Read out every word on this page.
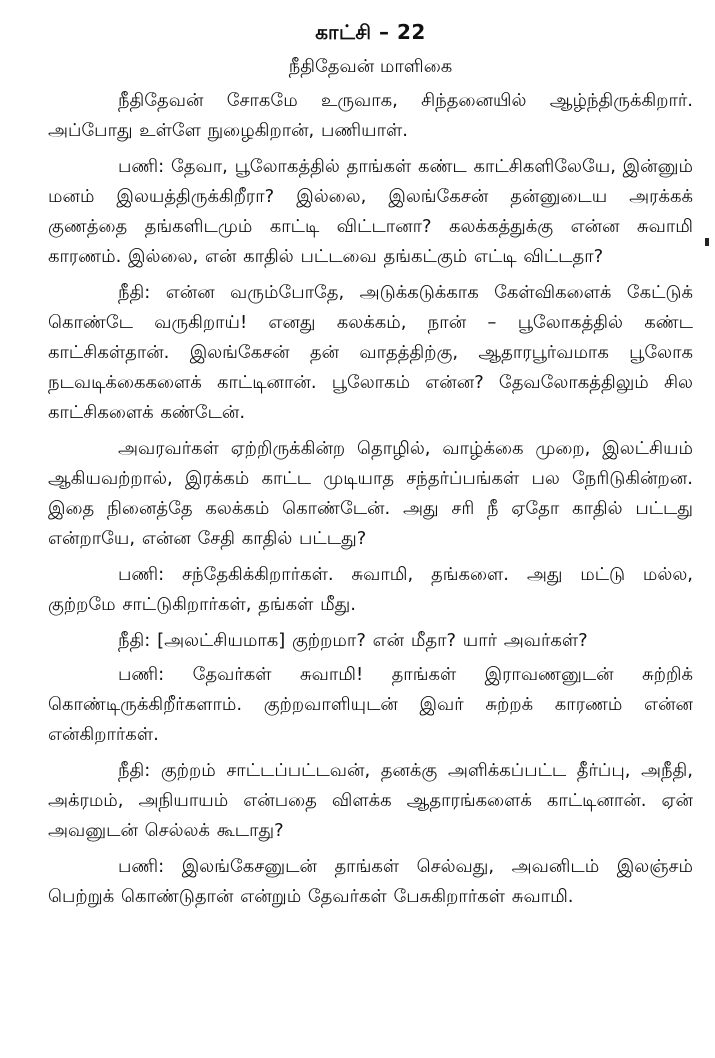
காட்சி – 22
நீதிதேவன் மாளிகை

நீதிதேவன் சோகமே உருவாக, சிந்தனையில் ஆழ்ந்திருக்கிறார். அப்போது உள்ளே நுழைகிறான், பணியாள்.

பணி: தேவா, பூலோகத்தில் தாங்கள் கண்ட காட்சிகளிலேயே, இன்னும் மனம் இலயத்திருக்கிறீரா? இல்லை, இலங்கேசன் தன்னுடைய அரக்கக் குணத்தை தங்களிடமும் காட்டி விட்டானா? கலக்கத்துக்கு என்ன சுவாமி காரணம். இல்லை, என் காதில் பட்டவை தங்கட்கும் எட்டி விட்டதா?

நீதி: என்ன வரும்போதே, அடுக்கடுக்காக கேள்விகளைக் கேட்டுக் கொண்டே வருகிறாய்! எனது கலக்கம், நான் – பூலோகத்தில் கண்ட காட்சிகள்தான். இலங்கேசன் தன் வாதத்திற்கு, ஆதாரபூர்வமாக பூலோக நடவடிக்கைகளைக் காட்டினான். பூலோகம் என்ன? தேவலோகத்திலும் சில காட்சிகளைக் கண்டேன்.

அவரவர்கள் ஏற்றிருக்கின்ற தொழில், வாழ்க்கை முறை, இலட்சியம் ஆகியவற்றால், இரக்கம் காட்ட முடியாத சந்தர்ப்பங்கள் பல நேரிடுகின்றன. இதை நினைத்தே கலக்கம் கொண்டேன். அது சரி நீ ஏதோ காதில் பட்டது என்றாயே, என்ன சேதி காதில் பட்டது?

பணி: சந்தேகிக்கிறார்கள். சுவாமி, தங்களை. அது மட்டு மல்ல, குற்றமே சாட்டுகிறார்கள், தங்கள் மீது.

நீதி: [அலட்சியமாக] குற்றமா? என் மீதா? யார் அவர்கள்?

பணி: தேவர்கள் சுவாமி! தாங்கள் இராவணனுடன் சுற்றிக் கொண்டிருக்கிறீர்களாம். குற்றவாளியுடன் இவர் சுற்றக் காரணம் என்ன என்கிறார்கள்.

நீதி: குற்றம் சாட்டப்பட்டவன், தனக்கு அளிக்கப்பட்ட தீர்ப்பு, அநீதி, அக்ரமம், அநியாயம் என்பதை விளக்க ஆதாரங்களைக் காட்டினான். ஏன் அவனுடன் செல்லக் கூடாது?

பணி: இலங்கேசனுடன் தாங்கள் செல்வது, அவனிடம் இலஞ்சம் பெற்றுக் கொண்டுதான் என்றும் தேவர்கள் பேசுகிறார்கள் சுவாமி.
